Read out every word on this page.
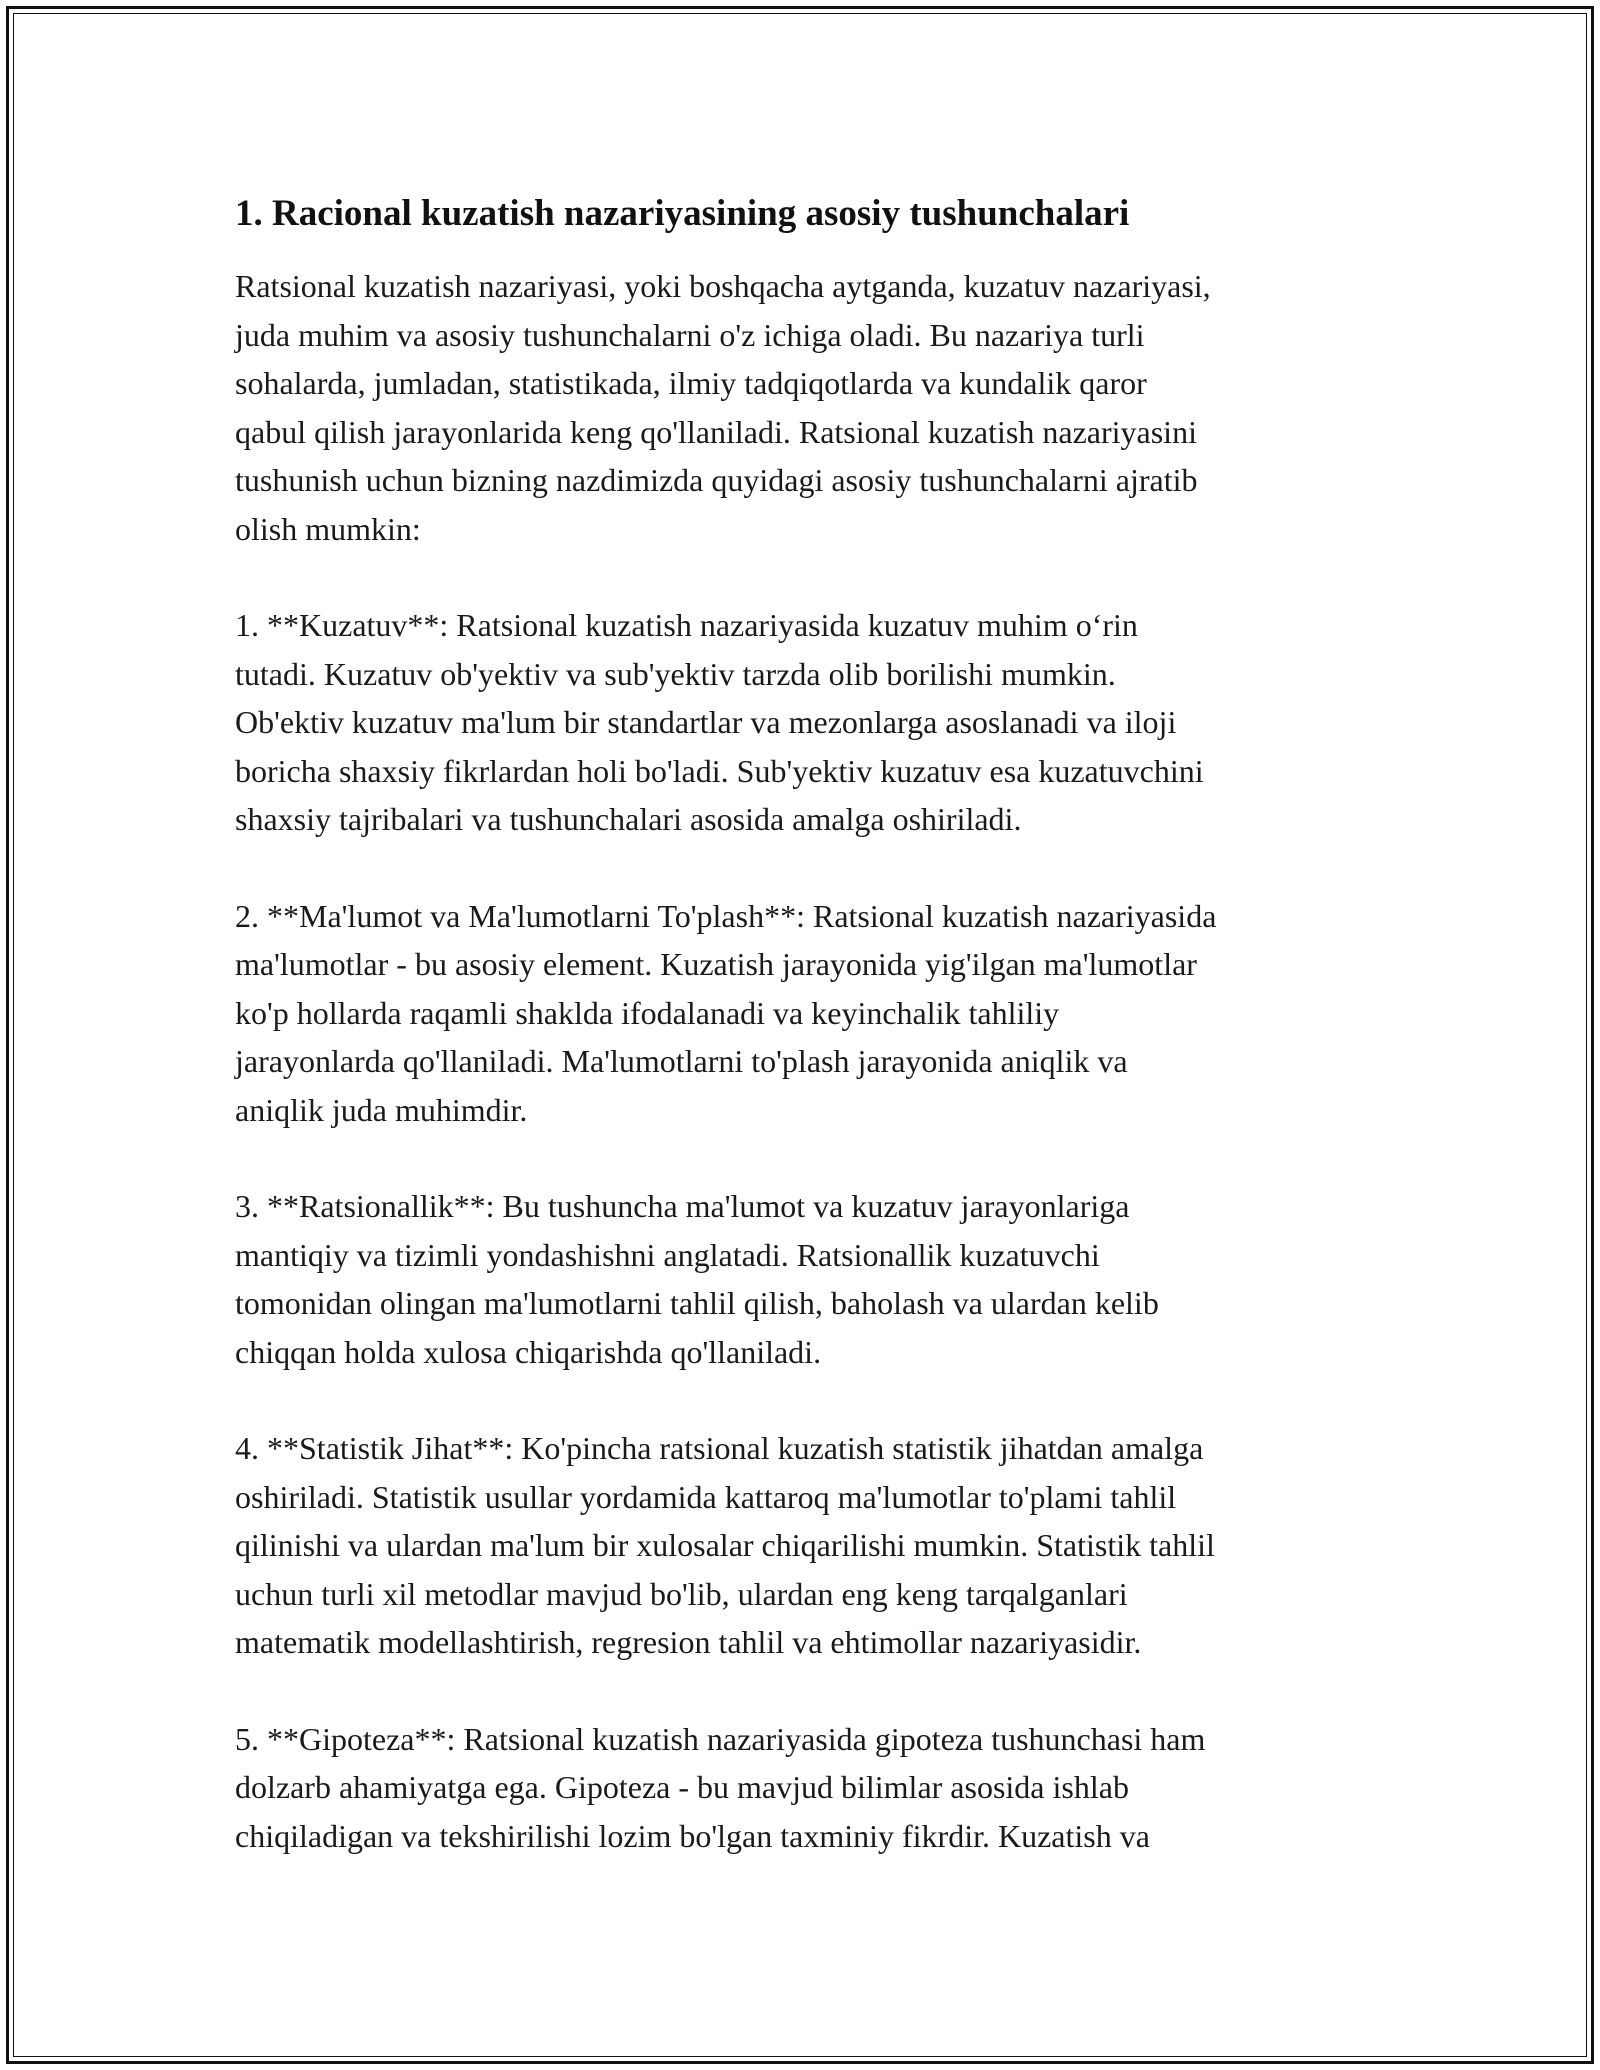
1. Racional kuzatish nazariyasining asosiy tushunchalari

Ratsional kuzatish nazariyasi, yoki boshqacha aytganda, kuzatuv nazariyasi,
juda muhim va asosiy tushunchalarni o'z ichiga oladi. Bu nazariya turli
sohalarda, jumladan, statistikada, ilmiy tadqiqotlarda va kundalik qaror
qabul qilish jarayonlarida keng qo'llaniladi. Ratsional kuzatish nazariyasini
tushunish uchun bizning nazdimizda quyidagi asosiy tushunchalarni ajratib
olish mumkin:

1. **Kuzatuv**: Ratsional kuzatish nazariyasida kuzatuv muhim o‘rin
tutadi. Kuzatuv ob'yektiv va sub'yektiv tarzda olib borilishi mumkin.
Ob'ektiv kuzatuv ma'lum bir standartlar va mezonlarga asoslanadi va iloji
boricha shaxsiy fikrlardan holi bo'ladi. Sub'yektiv kuzatuv esa kuzatuvchini
shaxsiy tajribalari va tushunchalari asosida amalga oshiriladi.

2. **Ma'lumot va Ma'lumotlarni To'plash**: Ratsional kuzatish nazariyasida
ma'lumotlar - bu asosiy element. Kuzatish jarayonida yig'ilgan ma'lumotlar
ko'p hollarda raqamli shaklda ifodalanadi va keyinchalik tahliliy
jarayonlarda qo'llaniladi. Ma'lumotlarni to'plash jarayonida aniqlik va
aniqlik juda muhimdir.

3. **Ratsionallik**: Bu tushuncha ma'lumot va kuzatuv jarayonlariga
mantiqiy va tizimli yondashishni anglatadi. Ratsionallik kuzatuvchi
tomonidan olingan ma'lumotlarni tahlil qilish, baholash va ulardan kelib
chiqqan holda xulosa chiqarishda qo'llaniladi.

4. **Statistik Jihat**: Ko'pincha ratsional kuzatish statistik jihatdan amalga
oshiriladi. Statistik usullar yordamida kattaroq ma'lumotlar to'plami tahlil
qilinishi va ulardan ma'lum bir xulosalar chiqarilishi mumkin. Statistik tahlil
uchun turli xil metodlar mavjud bo'lib, ulardan eng keng tarqalganlari
matematik modellashtirish, regresion tahlil va ehtimollar nazariyasidir.

5. **Gipoteza**: Ratsional kuzatish nazariyasida gipoteza tushunchasi ham
dolzarb ahamiyatga ega. Gipoteza - bu mavjud bilimlar asosida ishlab
chiqiladigan va tekshirilishi lozim bo'lgan taxminiy fikrdir. Kuzatish va
